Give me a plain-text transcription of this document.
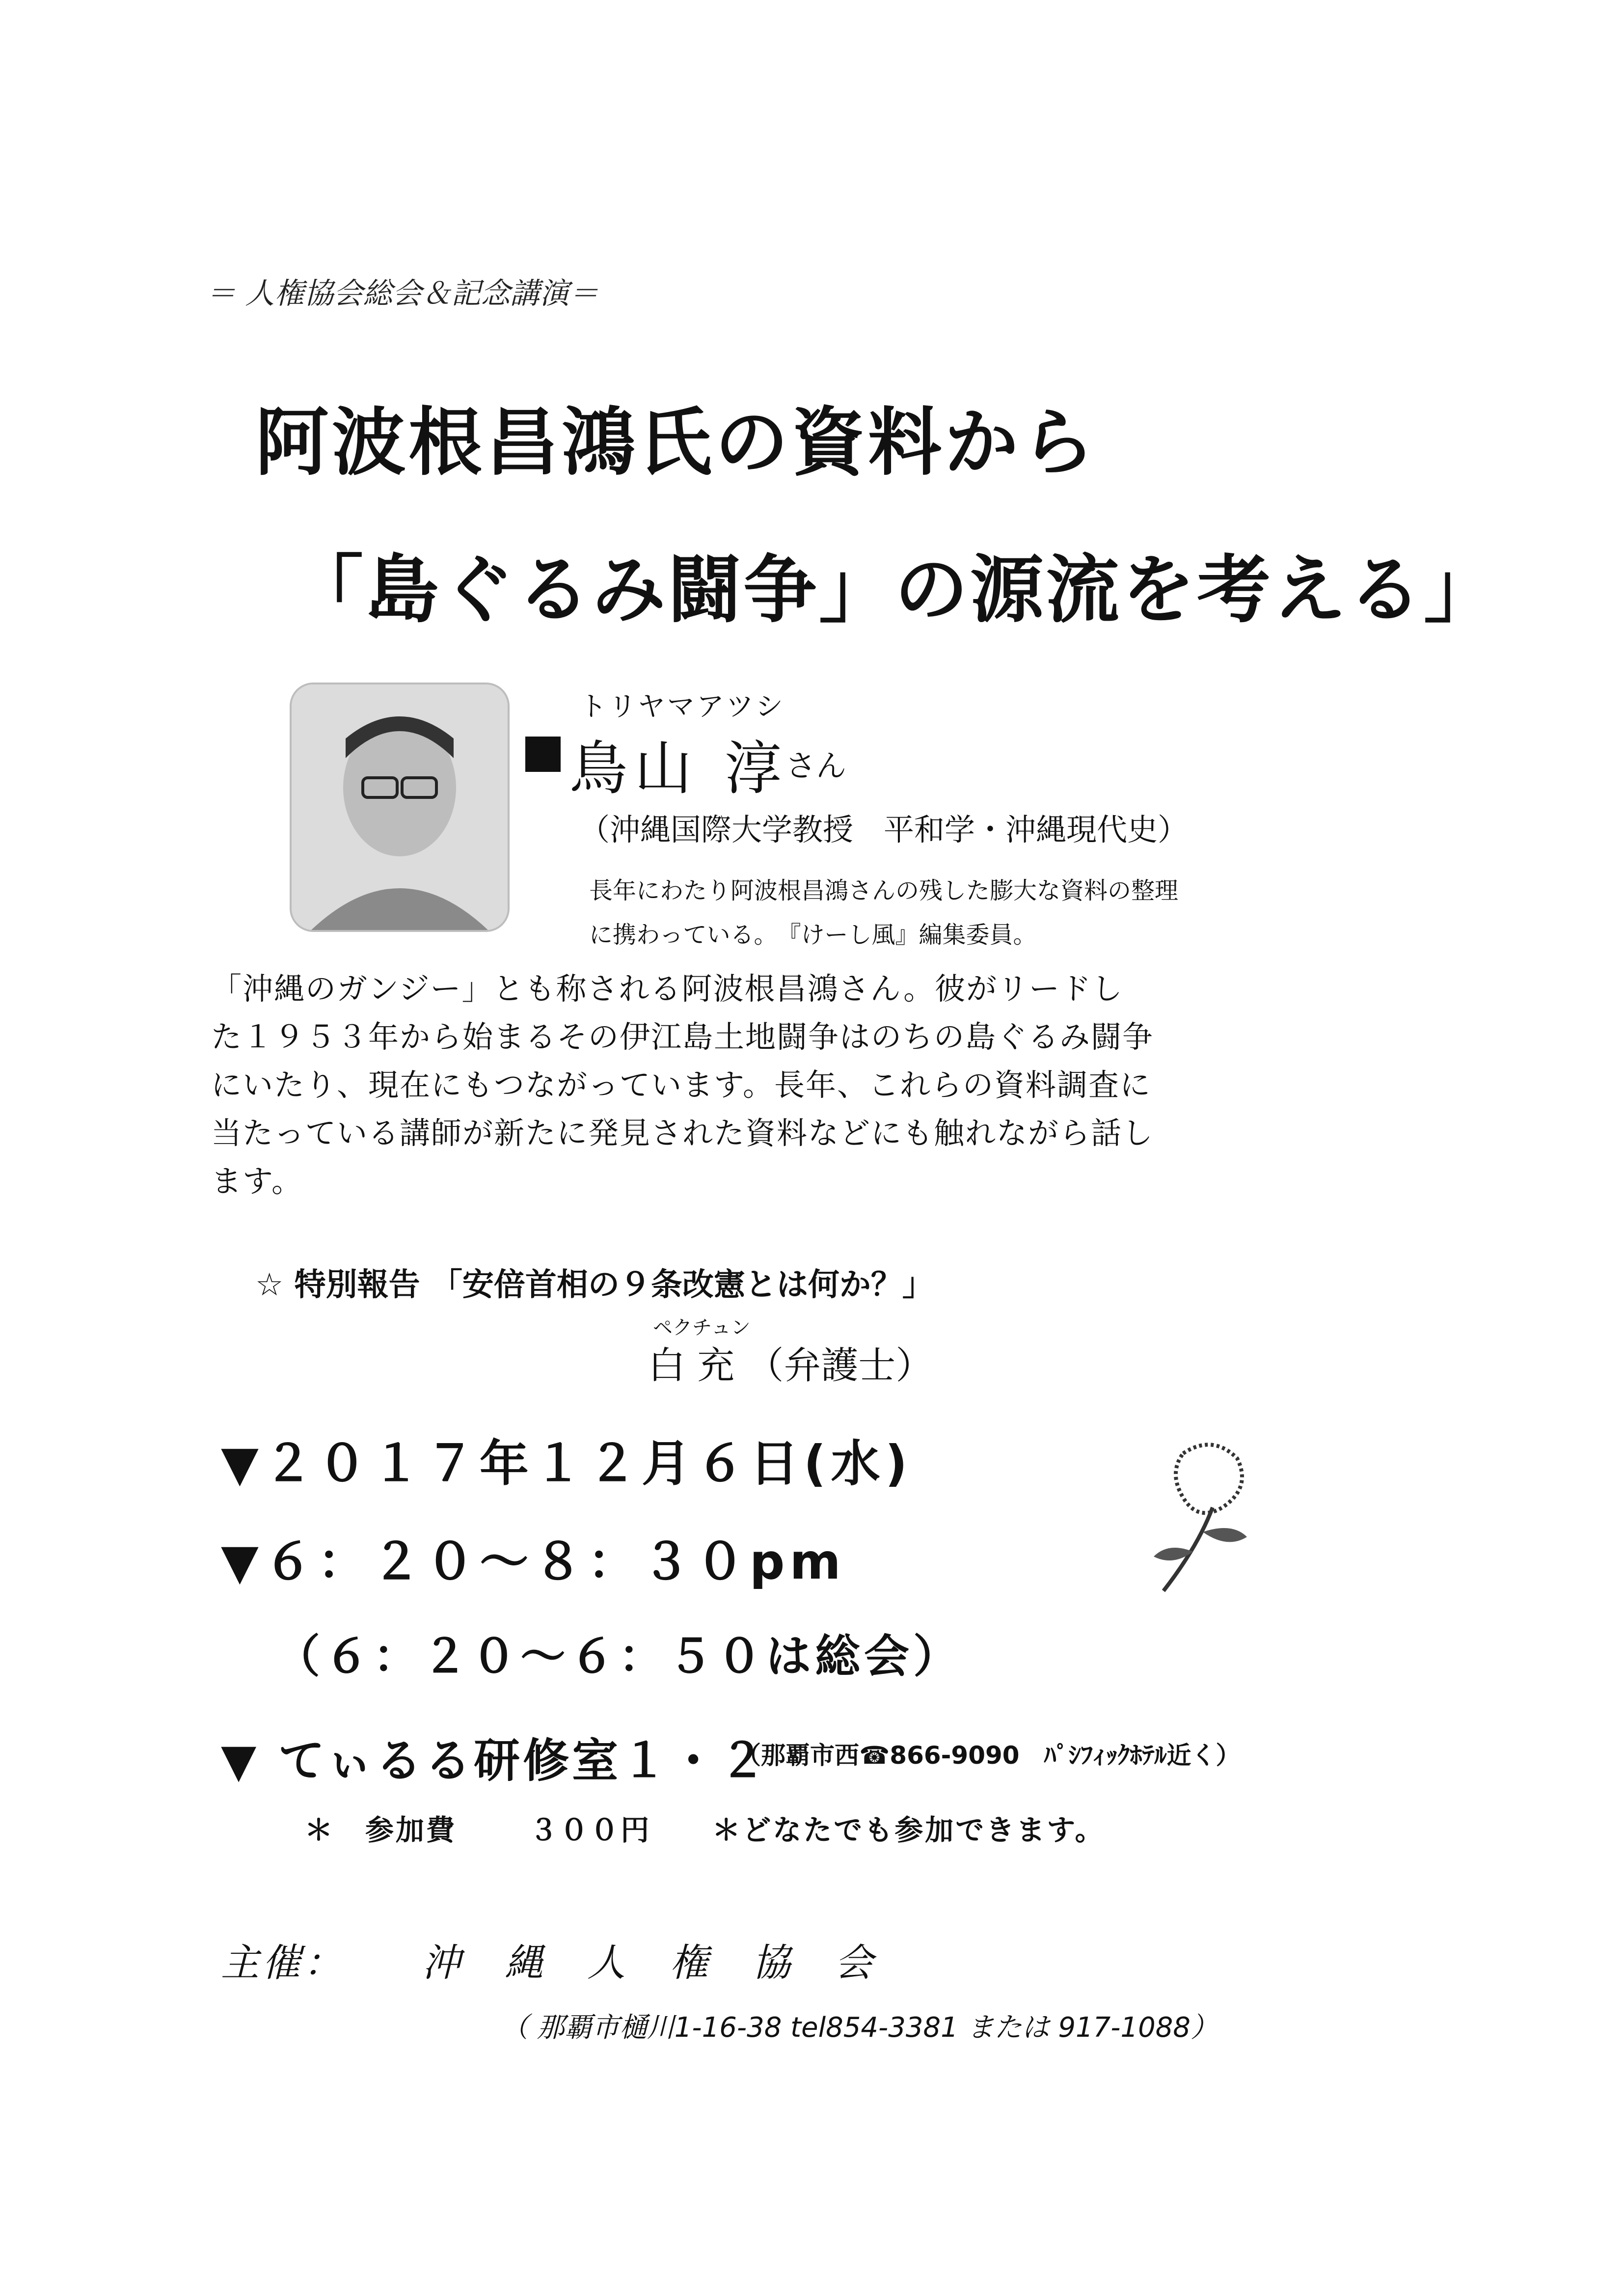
＝ 人権協会総会＆記念講演＝
阿波根昌鴻氏の資料から
「島ぐるみ闘争」の源流を考える」
トリヤマアツシ
鳥山 淳
さん
（沖縄国際大学教授　平和学・沖縄現代史）
長年にわたり阿波根昌鴻さんの残した膨大な資料の整理
に携わっている。　『けーし風』編集委員。
「沖縄のガンジー」とも称される阿波根昌鴻さん。彼がリードした１９５３年から始まるその伊江島土地闘争はのちの島ぐるみ闘争にいたり、現在にもつながっています。長年、これらの資料調査に当たっている講師が新たに発見された資料などにも触れながら話します。
☆ 特別報告 「安倍首相の９条改憲とは何か？」
ペクチュン
白 充 （弁護士）
▼２０１７年１２月６日(水)
▼６：２０〜８：３０pm
（６：２０〜６：５０は総会）
▼ てぃるる研修室１・２
（那覇市西☎866-9090　ﾊﾟｼﾌｨｯｸﾎﾃﾙ近く）
＊　参加費　　 ３００円　　＊どなたでも参加できます。
主催： 沖縄人権協会
（ 那覇市樋川1-16-38 tel854-3381 または 917-1088）
